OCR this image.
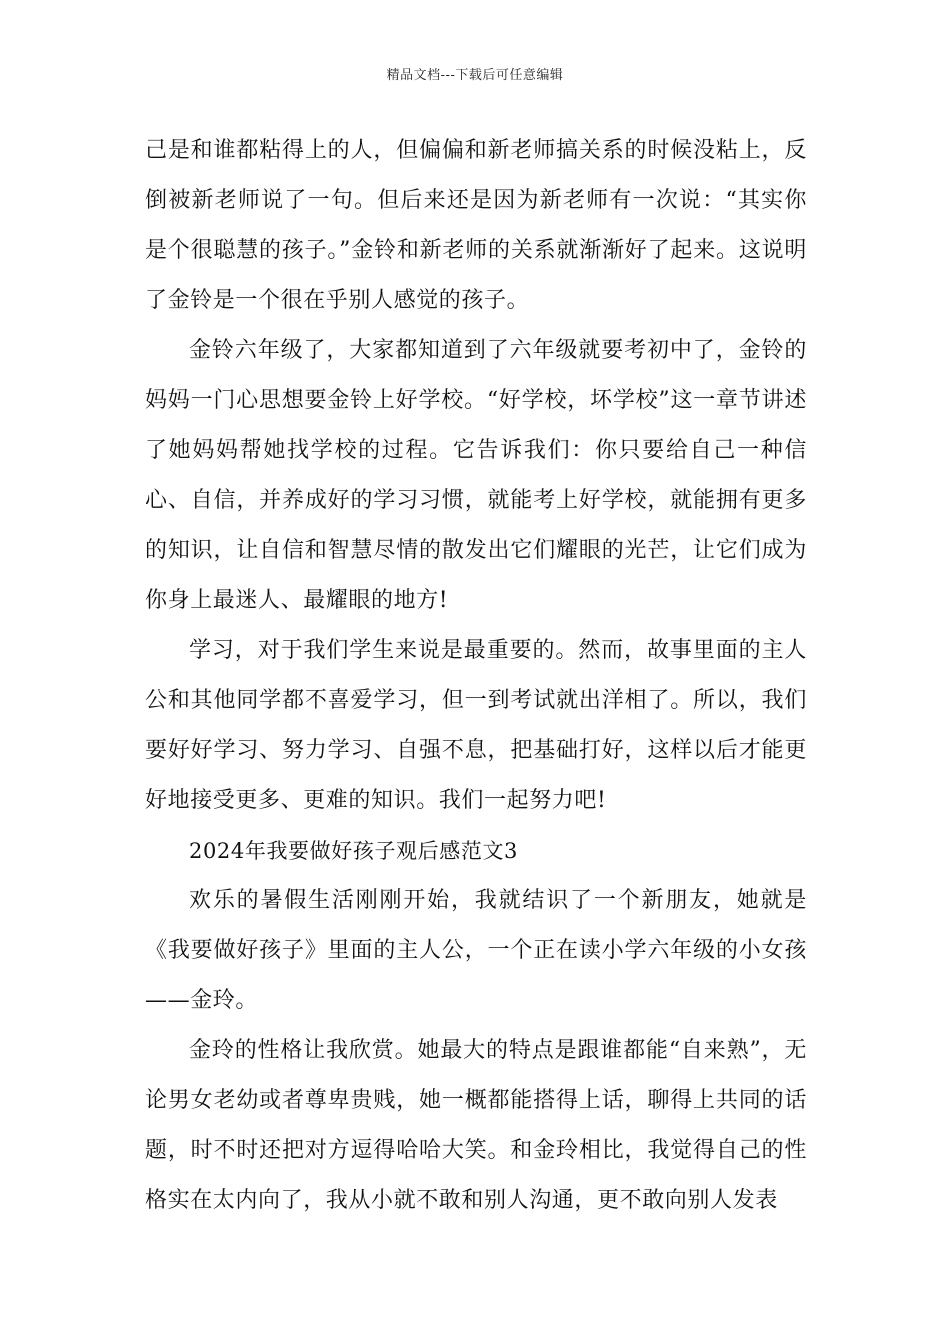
精品文档---下载后可任意编辑

己是和谁都粘得上的人，但偏偏和新老师搞关系的时候没粘上，反倒被新老师说了一句。但后来还是因为新老师有一次说：“其实你是个很聪慧的孩子。”金铃和新老师的关系就渐渐好了起来。这说明了金铃是一个很在乎别人感觉的孩子。

金铃六年级了，大家都知道到了六年级就要考初中了，金铃的妈妈一门心思想要金铃上好学校。“好学校，坏学校”这一章节讲述了她妈妈帮她找学校的过程。它告诉我们：你只要给自己一种信心、自信，并养成好的学习习惯，就能考上好学校，就能拥有更多的知识，让自信和智慧尽情的散发出它们耀眼的光芒，让它们成为你身上最迷人、最耀眼的地方!

学习，对于我们学生来说是最重要的。然而，故事里面的主人公和其他同学都不喜爱学习，但一到考试就出洋相了。所以，我们要好好学习、努力学习、自强不息，把基础打好，这样以后才能更好地接受更多、更难的知识。我们一起努力吧!

2024年我要做好孩子观后感范文3

欢乐的暑假生活刚刚开始，我就结识了一个新朋友，她就是《我要做好孩子》里面的主人公，一个正在读小学六年级的小女孩——金玲。

金玲的性格让我欣赏。她最大的特点是跟谁都能“自来熟”，无论男女老幼或者尊卑贵贱，她一概都能搭得上话，聊得上共同的话题，时不时还把对方逗得哈哈大笑。和金玲相比，我觉得自己的性格实在太内向了，我从小就不敢和别人沟通，更不敢向别人发表
